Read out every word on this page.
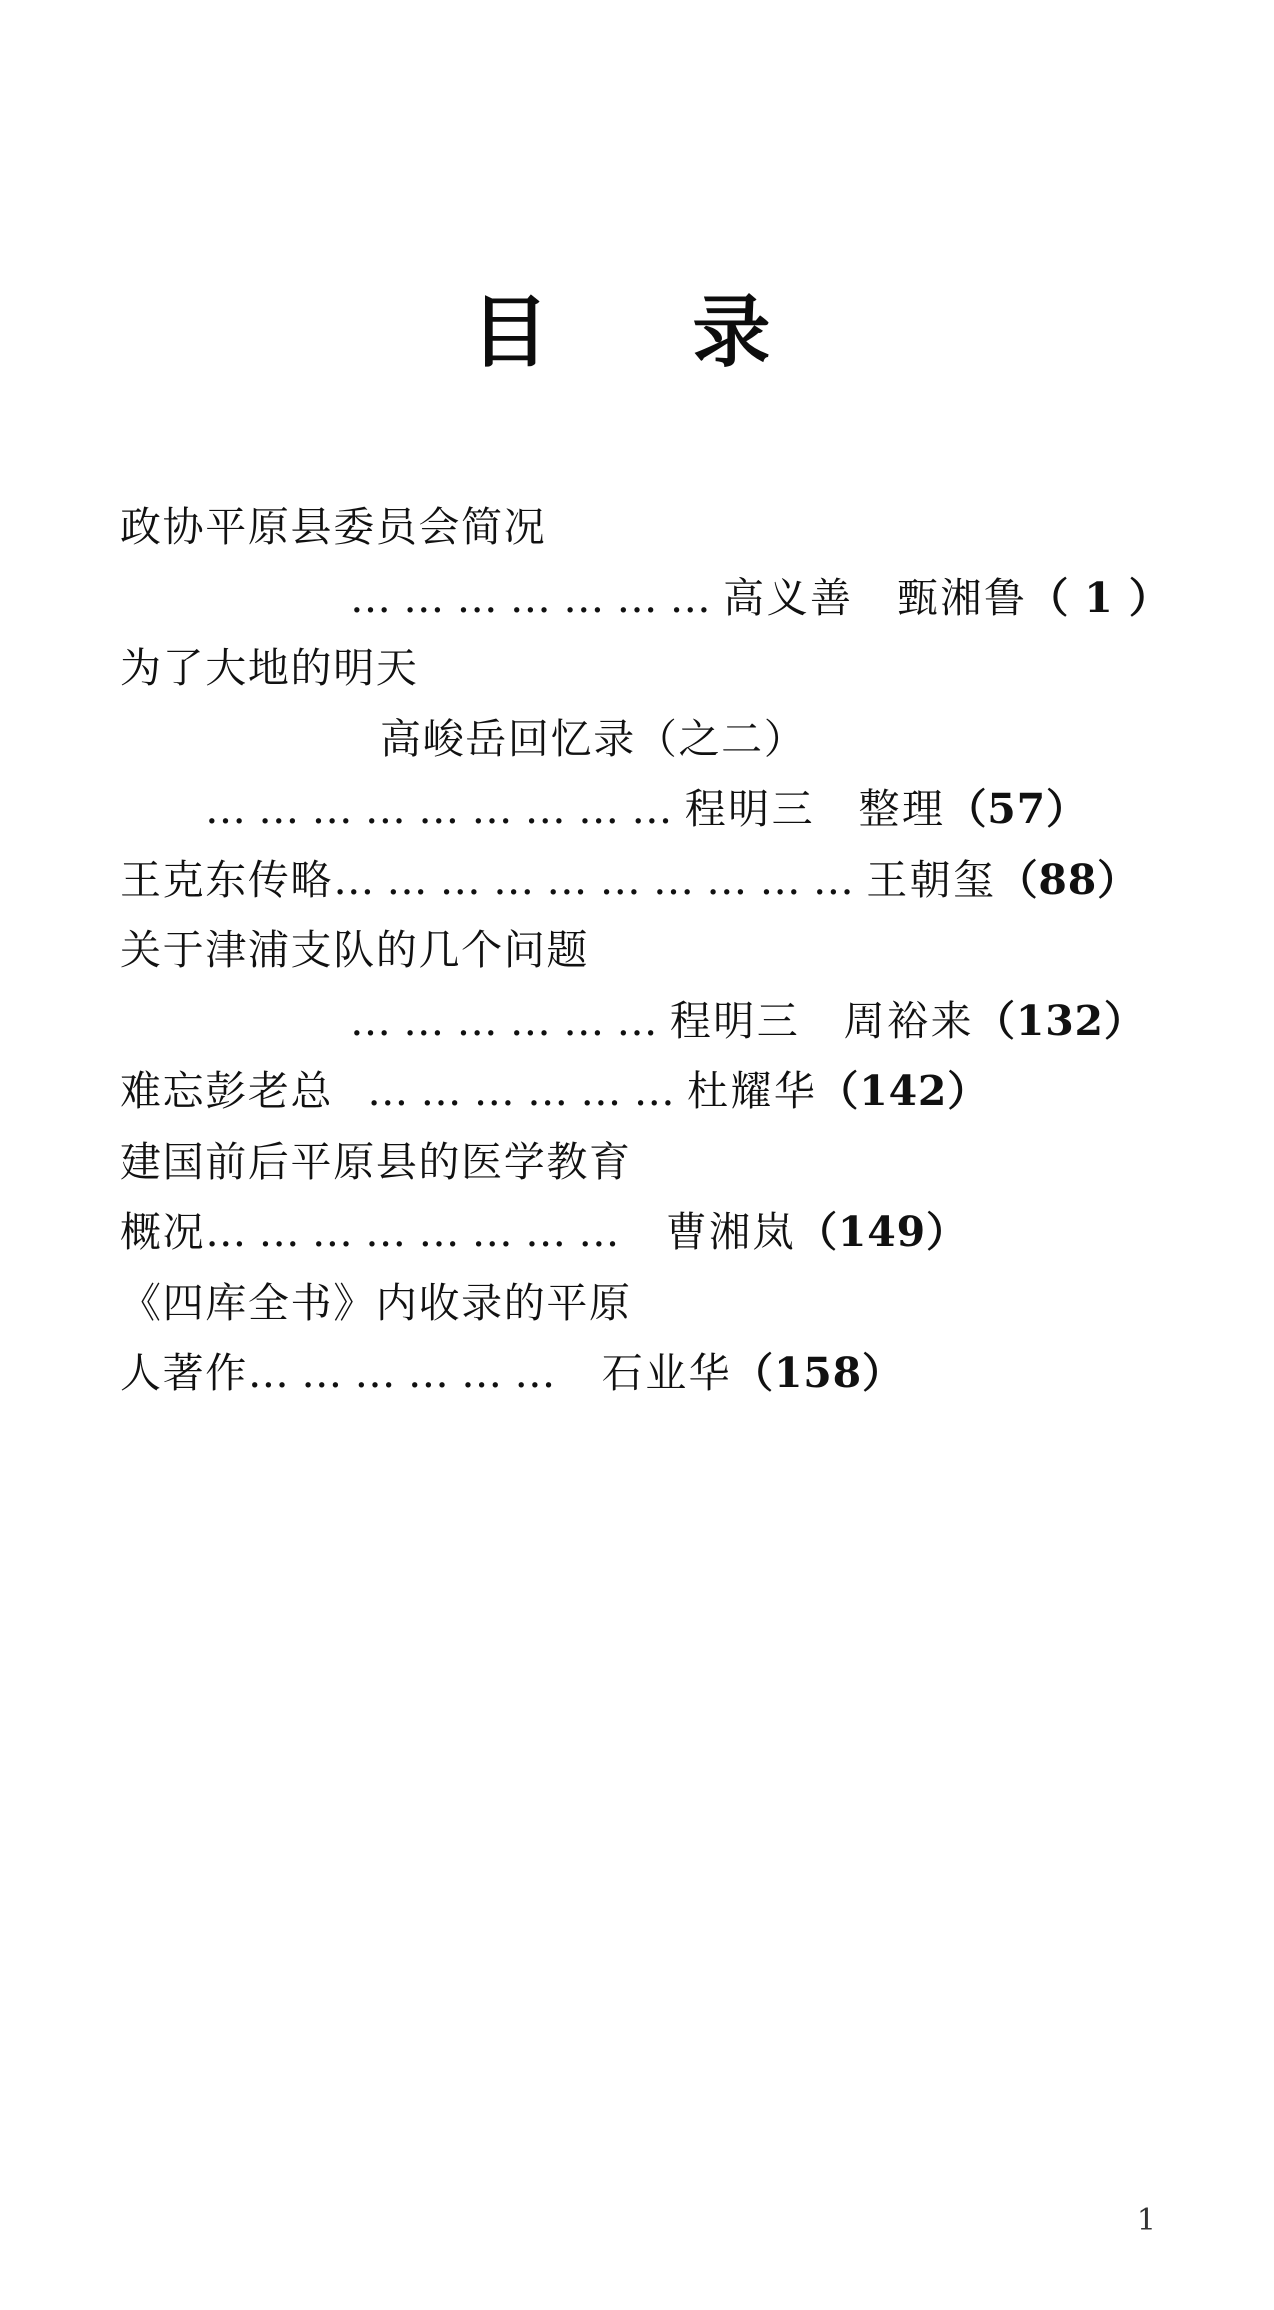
目　录
政协平原县委员会简况
…………………高义善　甄湘鲁（ 1 ）
为了大地的明天
高峻岳回忆录（之二）
………………………程明三　整理（57）
王克东传略…………………………王朝玺（88）
关于津浦支队的几个问题
………………程明三　周裕来（132）
难忘彭老总 ………………杜耀华（142）
建国前后平原县的医学教育
概况…………………… 曹湘岚（149）
《四库全书》内收录的平原
人著作……………… 石业华（158）
1
